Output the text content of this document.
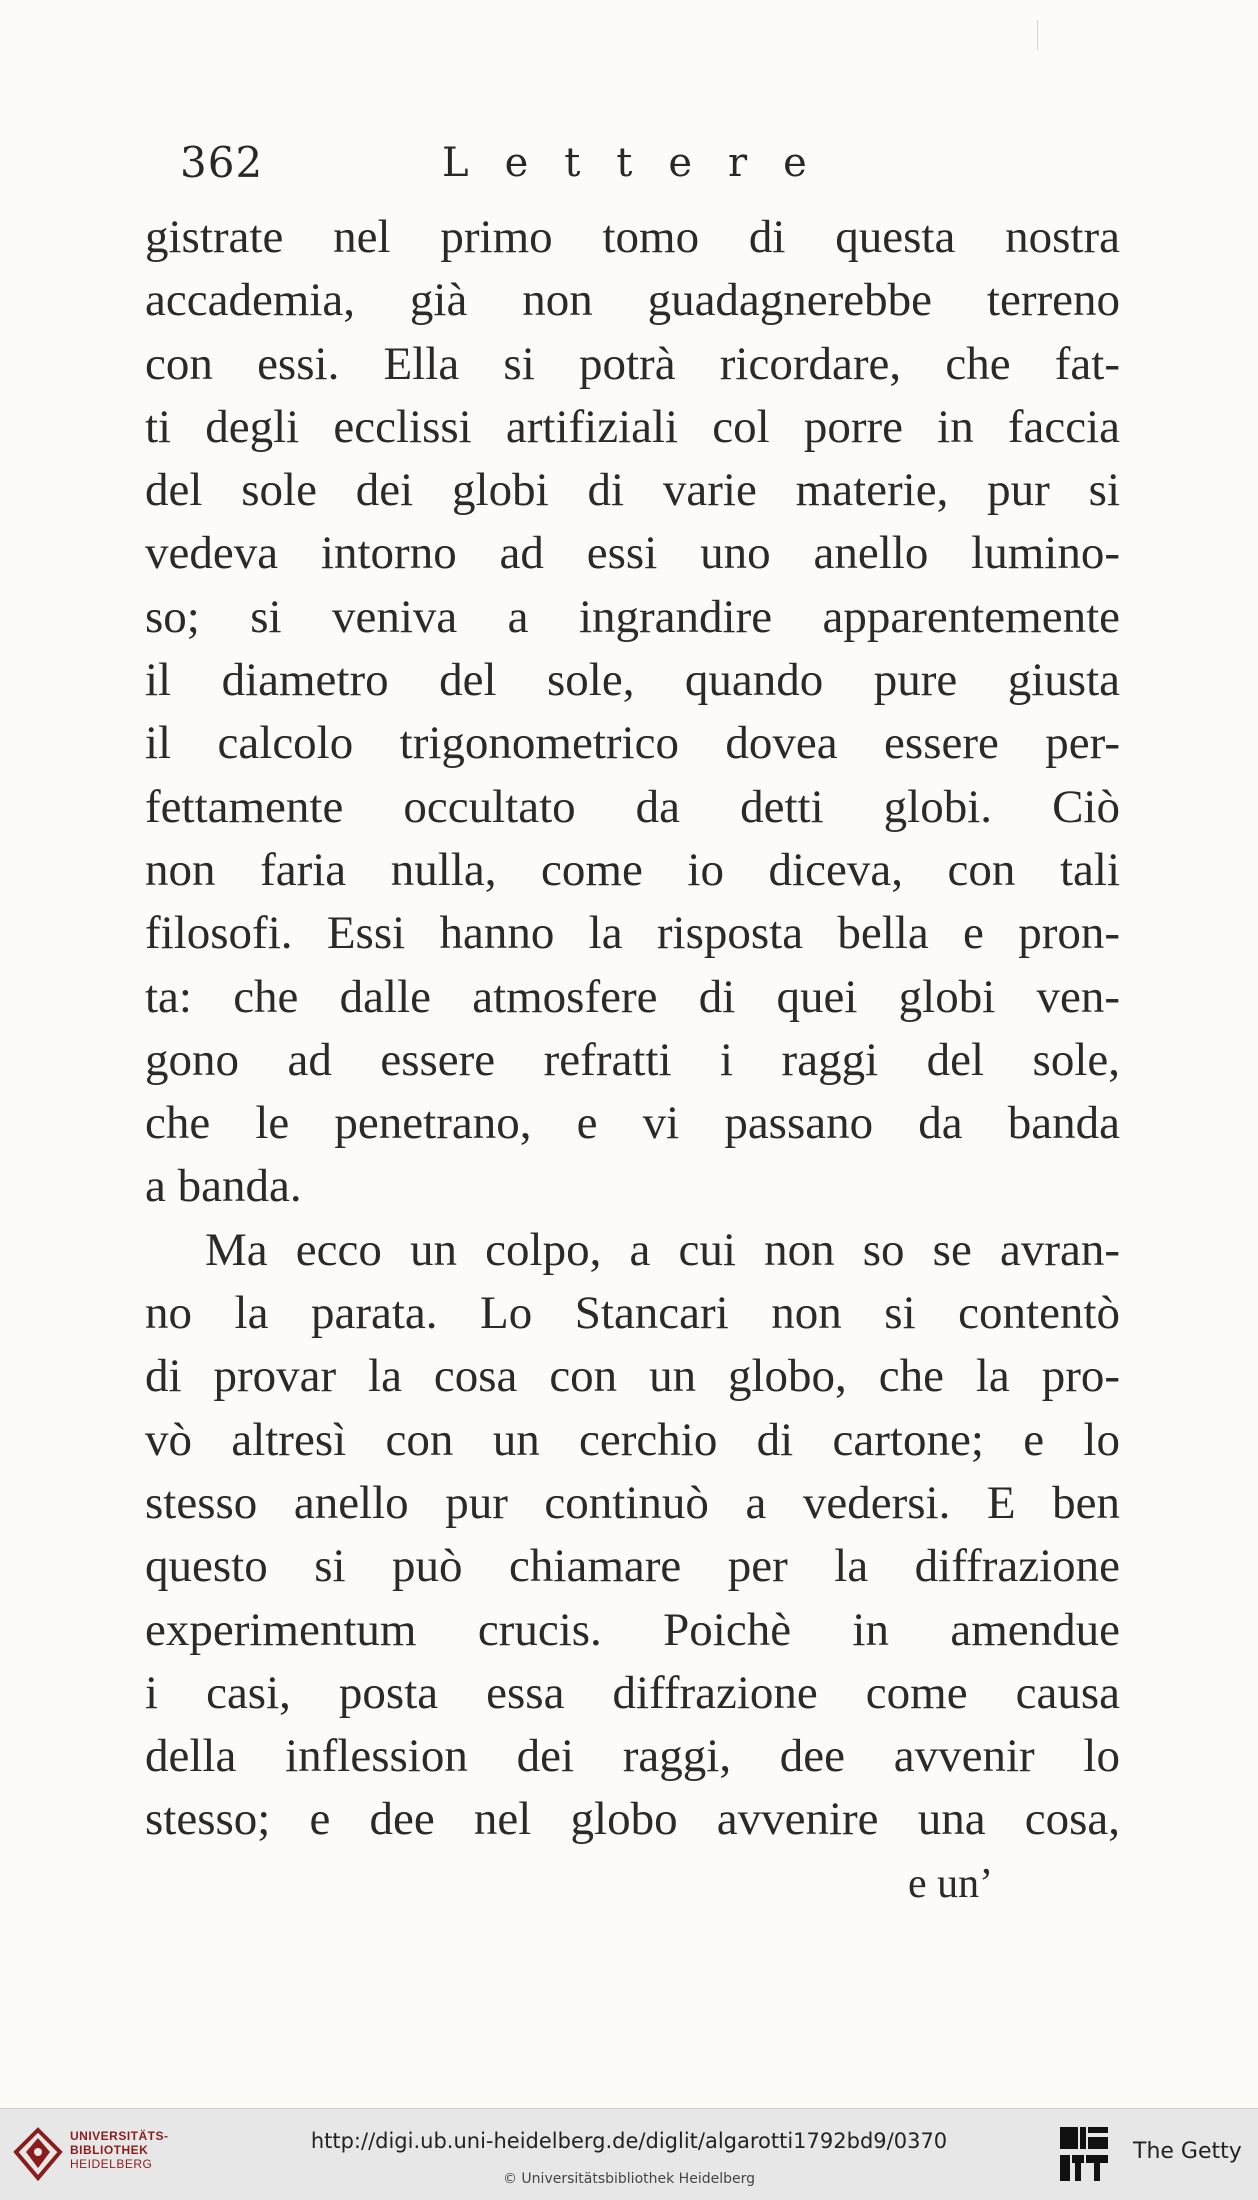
362	Lettere
gistrate nel primo tomo di questa nostra
accademia, già non guadagnerebbe terreno
con essi. Ella si potrà ricordare, che fat-
ti degli ecclissi artifiziali col porre in faccia
del sole dei globi di varie materie, pur si
vedeva intorno ad essi uno anello lumino-
so; si veniva a ingrandire apparentemente
il diametro del sole, quando pure giusta
il calcolo trigonometrico dovea essere per-
fettamente occultato da detti globi. Ciò
non faria nulla, come io diceva, con tali
filosofi. Essi hanno la risposta bella e pron-
ta: che dalle atmosfere di quei globi ven-
gono ad essere refratti i raggi del sole,
che le penetrano, e vi passano da banda
a banda.
Ma ecco un colpo, a cui non so se avran-
no la parata. Lo Stancari non si contentò
di provar la cosa con un globo, che la pro-
vò altresì con un cerchio di cartone; e lo
stesso anello pur continuò a vedersi. E ben
questo si può chiamare per la diffrazione
experimentum crucis. Poichè in amendue
i casi, posta essa diffrazione come causa
della inflession dei raggi, dee avvenir lo
stesso; e dee nel globo avvenire una cosa,
e un’
UNIVERSITÄTS-
BIBLIOTHEK
HEIDELBERG
http://digi.ub.uni-heidelberg.de/diglit/algarotti1792bd9/0370
© Universitätsbibliothek Heidelberg
The Getty
